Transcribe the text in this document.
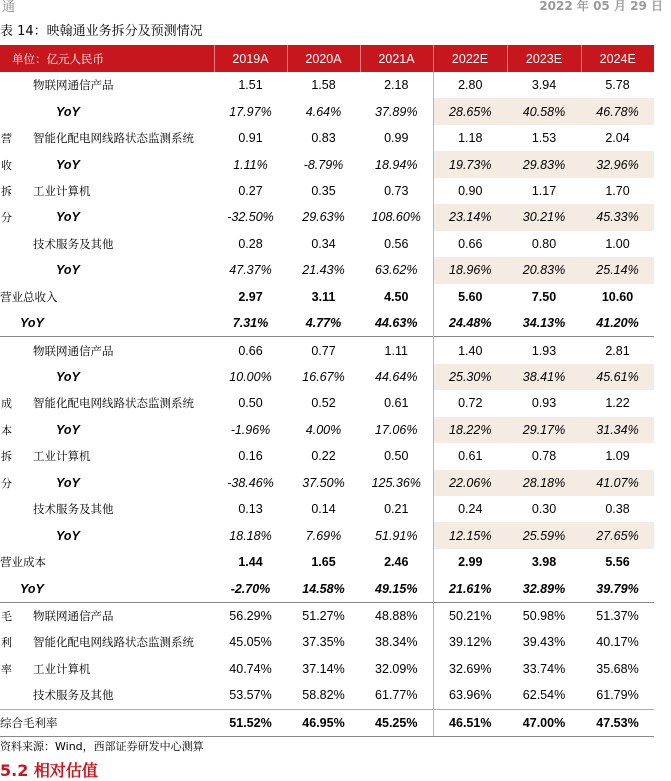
通	2022 年 05 月 29 日
表 14：映翰通业务拆分及预测情况
单位：亿元人民币		2019A	2020A	2021A	2022E	2023E	2024E
	物联网通信产品	1.51	1.58	2.18	2.80	3.94	5.78
	YoY	17.97%	4.64%	37.89%	28.65%	40.58%	46.78%
营	智能化配电网线路状态监测系统	0.91	0.83	0.99	1.18	1.53	2.04
收	YoY	1.11%	-8.79%	18.94%	19.73%	29.83%	32.96%
拆	工业计算机	0.27	0.35	0.73	0.90	1.17	1.70
分	YoY	-32.50%	29.63%	108.60%	23.14%	30.21%	45.33%
	技术服务及其他	0.28	0.34	0.56	0.66	0.80	1.00
	YoY	47.37%	21.43%	63.62%	18.96%	20.83%	25.14%
营业总收入		2.97	3.11	4.50	5.60	7.50	10.60
YoY		7.31%	4.77%	44.63%	24.48%	34.13%	41.20%
	物联网通信产品	0.66	0.77	1.11	1.40	1.93	2.81
	YoY	10.00%	16.67%	44.64%	25.30%	38.41%	45.61%
成	智能化配电网线路状态监测系统	0.50	0.52	0.61	0.72	0.93	1.22
本	YoY	-1.96%	4.00%	17.06%	18.22%	29.17%	31.34%
拆	工业计算机	0.16	0.22	0.50	0.61	0.78	1.09
分	YoY	-38.46%	37.50%	125.36%	22.06%	28.18%	41.07%
	技术服务及其他	0.13	0.14	0.21	0.24	0.30	0.38
	YoY	18.18%	7.69%	51.91%	12.15%	25.59%	27.65%
营业成本		1.44	1.65	2.46	2.99	3.98	5.56
YoY		-2.70%	14.58%	49.15%	21.61%	32.89%	39.79%
毛	物联网通信产品	56.29%	51.27%	48.88%	50.21%	50.98%	51.37%
利	智能化配电网线路状态监测系统	45.05%	37.35%	38.34%	39.12%	39.43%	40.17%
率	工业计算机	40.74%	37.14%	32.09%	32.69%	33.74%	35.68%
	技术服务及其他	53.57%	58.82%	61.77%	63.96%	62.54%	61.79%
综合毛利率		51.52%	46.95%	45.25%	46.51%	47.00%	47.53%
资料来源：Wind，西部证券研发中心测算
5.2 相对估值
